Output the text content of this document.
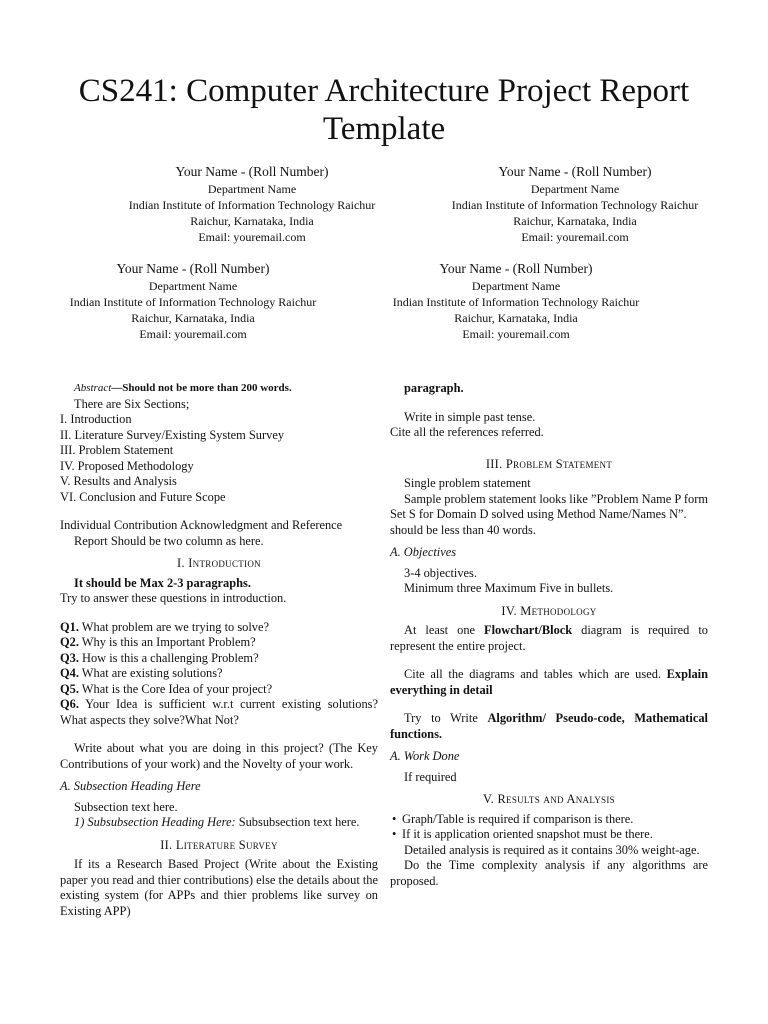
CS241: Computer Architecture Project Report
Template
Your Name - (Roll Number)
Department Name
Indian Institute of Information Technology Raichur
Raichur, Karnataka, India
Email: youremail.com
Your Name - (Roll Number)
Department Name
Indian Institute of Information Technology Raichur
Raichur, Karnataka, India
Email: youremail.com
Your Name - (Roll Number)
Department Name
Indian Institute of Information Technology Raichur
Raichur, Karnataka, India
Email: youremail.com
Your Name - (Roll Number)
Department Name
Indian Institute of Information Technology Raichur
Raichur, Karnataka, India
Email: youremail.com

Abstract—Should not be more than 200 words.

There are Six Sections;

I. Introduction

II. Literature Survey/Existing System Survey

III. Problem Statement

IV. Proposed Methodology

V. Results and Analysis

VI. Conclusion and Future Scope

Individual Contribution Acknowledgment and Reference

Report Should be two column as here.

I. Introduction

It should be Max 2-3 paragraphs.

Try to answer these questions in introduction.

Q1. What problem are we trying to solve?

Q2. Why is this an Important Problem?

Q3. How is this a challenging Problem?

Q4. What are existing solutions?

Q5. What is the Core Idea of your project?

Q6. Your Idea is sufficient w.r.t current existing solutions? What aspects they solve?What Not?

Write about what you are doing in this project? (The Key Contributions of your work) and the Novelty of your work.

A. Subsection Heading Here

Subsection text here.

1) Subsubsection Heading Here: Subsubsection text here.

II. Literature Survey

If its a Research Based Project (Write about the Existing paper you read and thier contributions) else the details about the existing system (for APPs and thier problems like survey on Existing APP)

paragraph.

Write in simple past tense.

Cite all the references referred.

III. Problem Statement

Single problem statement

Sample problem statement looks like ”Problem Name P form Set S for Domain D solved using Method Name/Names N”.

should be less than 40 words.

A. Objectives

3-4 objectives.

Minimum three Maximum Five in bullets.

IV. Methodology

At least one Flowchart/Block diagram is required to represent the entire project.

Cite all the diagrams and tables which are used. Explain everything in detail

Try to Write Algorithm/ Pseudo-code, Mathematical functions.

A. Work Done

If required

V. Results and Analysis

• Graph/Table is required if comparison is there.

• If it is application oriented snapshot must be there.

Detailed analysis is required as it contains 30% weight-age.

Do the Time complexity analysis if any algorithms are proposed.
